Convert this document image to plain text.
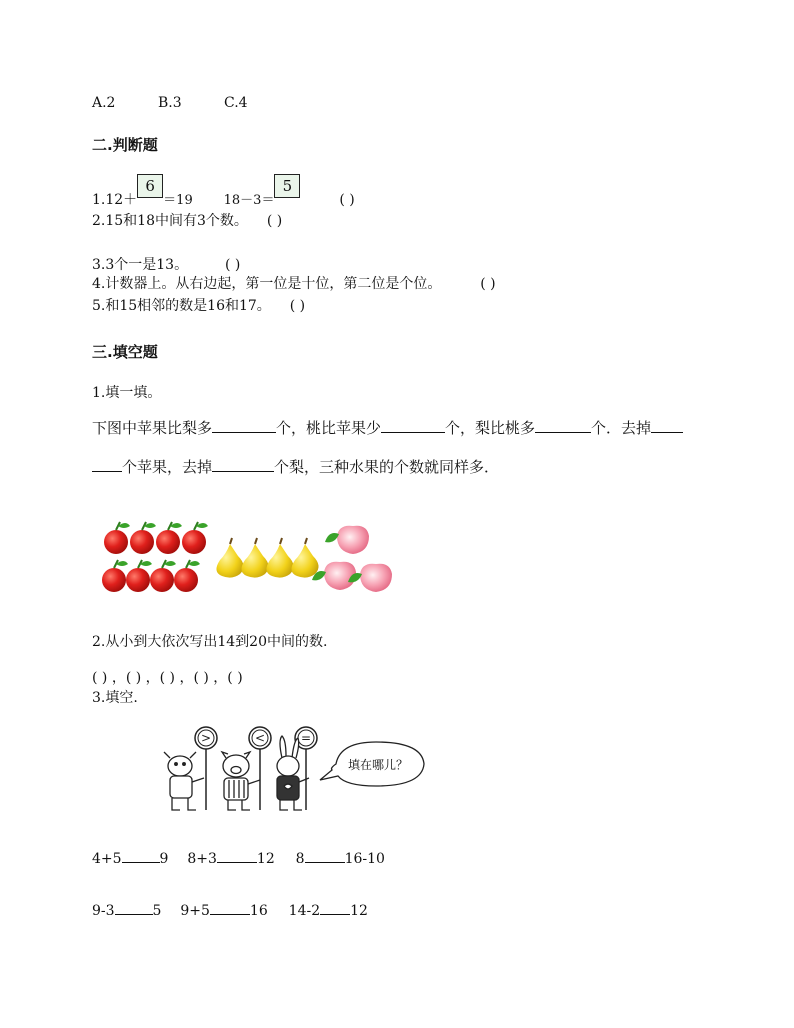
A.2	B.3	C.4
二.判断题
1.12＋6＝19 18－3＝5  ( )
2.15和18中间有3个数。 ( )
3.3个一是13。	( )
4.计数器上。从右边起，第一位是十位，第二位是个位。	( )
5.和15相邻的数是16和17。 ( )
三.填空题
1.填一填。
下图中苹果比梨多	个，桃比苹果少	个，梨比桃多	个．去掉
个苹果，去掉	个梨，三种水果的个数就同样多．
2.从小到大依次写出14到20中间的数.
( ) ，( ) ，( ) ，( ) ，( )
3.填空.
>	<	=
填在哪儿？
4+5	9 8+3	12 8	16-10
9-3	5 9+5	16 14-2 12
